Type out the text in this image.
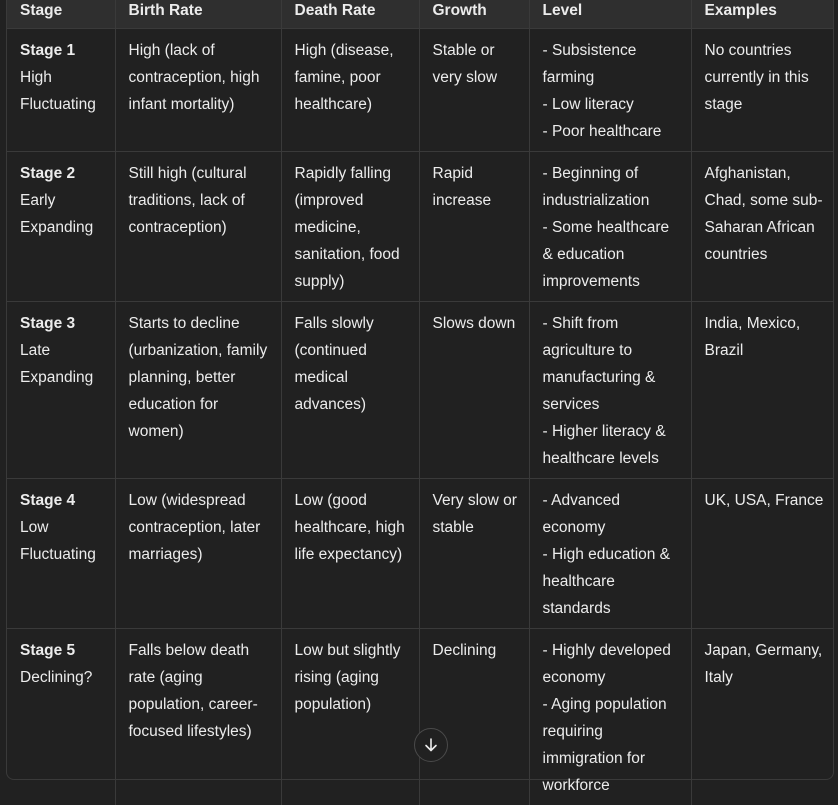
Stage	Birth Rate	Death Rate	Growth	Level	Examples

Stage 1
High Fluctuating	High (lack of contraception, high infant mortality)	High (disease, famine, poor healthcare)	Stable or very slow	- Subsistence farming
- Low literacy
- Poor healthcare	No countries currently in this stage

Stage 2
Early Expanding	Still high (cultural traditions, lack of contraception)	Rapidly falling (improved medicine, sanitation, food supply)	Rapid increase	- Beginning of industrialization
- Some healthcare & education improvements	Afghanistan, Chad, some sub-Saharan African countries

Stage 3
Late Expanding	Starts to decline (urbanization, family planning, better education for women)	Falls slowly (continued medical advances)	Slows down	- Shift from agriculture to manufacturing & services
- Higher literacy & healthcare levels	India, Mexico, Brazil

Stage 4
Low Fluctuating	Low (widespread contraception, later marriages)	Low (good healthcare, high life expectancy)	Very slow or stable	- Advanced economy
- High education & healthcare standards	UK, USA, France

Stage 5
Declining?	Falls below death rate (aging population, career-focused lifestyles)	Low but slightly rising (aging population)	Declining	- Highly developed economy
- Aging population requiring immigration for workforce	Japan, Germany, Italy
